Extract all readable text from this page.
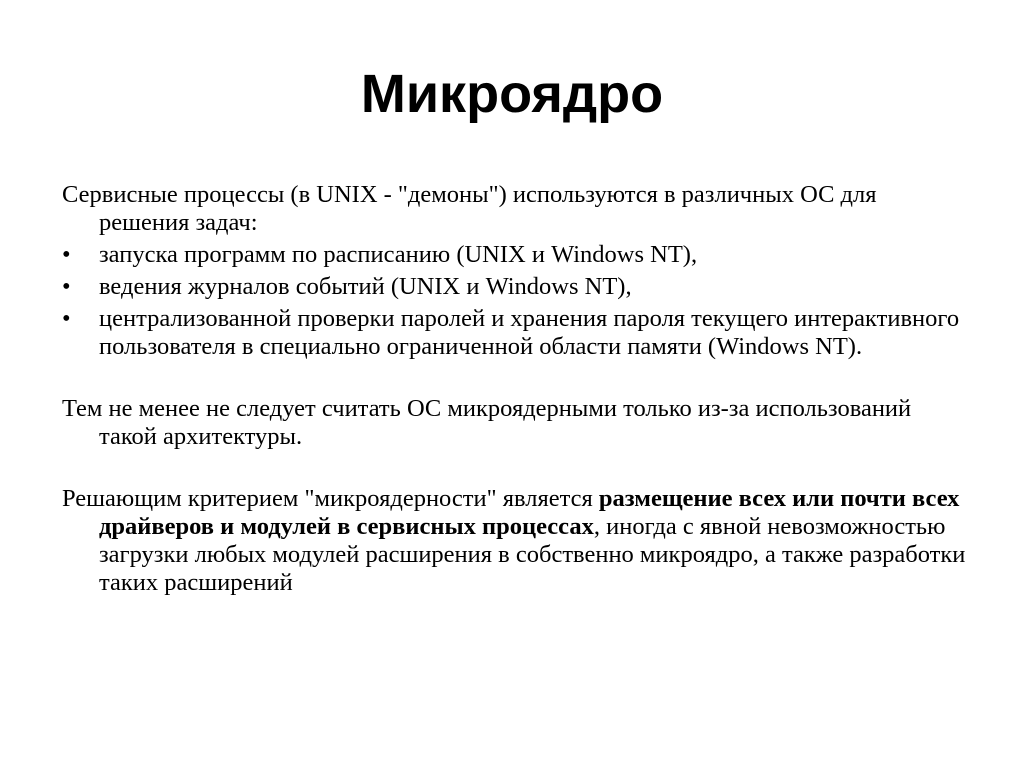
Микроядро

Сервисные процессы (в UNIX - "демоны") используются в различных ОС для решения задач:

•	запуска программ по расписанию (UNIX и Windows NT),
•	ведения журналов событий (UNIX и Windows NT),
•	централизованной проверки паролей и хранения пароля текущего интерактивного пользователя в специально ограниченной области памяти (Windows NT).

Тем не менее не следует считать ОС микроядерными только из-за использований такой архитектуры.

Решающим критерием "микроядерности" является размещение всех или почти всех драйверов и модулей в сервисных процессах, иногда с явной невозможностью загрузки любых модулей расширения в собственно микроядро, а также разработки таких расширений
